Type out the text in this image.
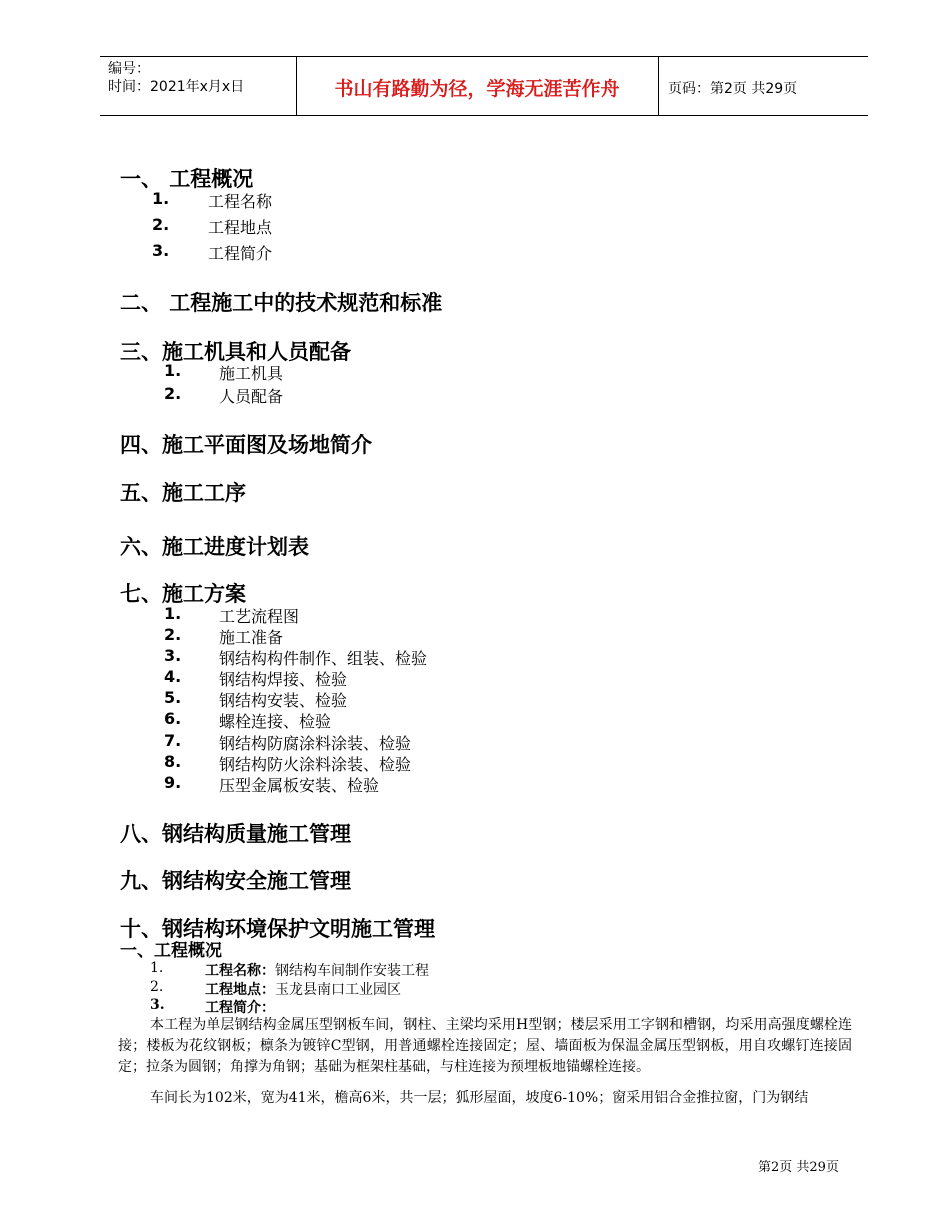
编号：
时间：2021年x月x日	书山有路勤为径，学海无涯苦作舟	页码：第2页 共29页
一、 工程概况
1. 工程名称
2. 工程地点
3. 工程简介
二、 工程施工中的技术规范和标准
三、施工机具和人员配备
1. 施工机具
2. 人员配备
四、施工平面图及场地简介
五、施工工序
六、施工进度计划表
七、施工方案
1. 工艺流程图
2. 施工准备
3. 钢结构构件制作、组装、检验
4. 钢结构焊接、检验
5. 钢结构安装、检验
6. 螺栓连接、检验
7. 钢结构防腐涂料涂装、检验
8. 钢结构防火涂料涂装、检验
9. 压型金属板安装、检验
八、钢结构质量施工管理
九、钢结构安全施工管理
十、钢结构环境保护文明施工管理
一、工程概况
1.	工程名称：钢结构车间制作安装工程
2.	工程地点：玉龙县南口工业园区
3.	工程简介：
本工程为单层钢结构金属压型钢板车间，钢柱、主梁均采用H型钢；楼层采用工字钢和槽钢，均采用高强度螺栓连接；楼板为花纹钢板；檩条为镀锌C型钢，用普通螺栓连接固定；屋、墙面板为保温金属压型钢板，用自攻螺钉连接固定；拉条为圆钢；角撑为角钢；基础为框架柱基础，与柱连接为预埋板地锚螺栓连接。
车间长为102米，宽为41米，檐高6米，共一层；狐形屋面，坡度6-10%；窗采用铝合金推拉窗，门为钢结
第2页 共29页
